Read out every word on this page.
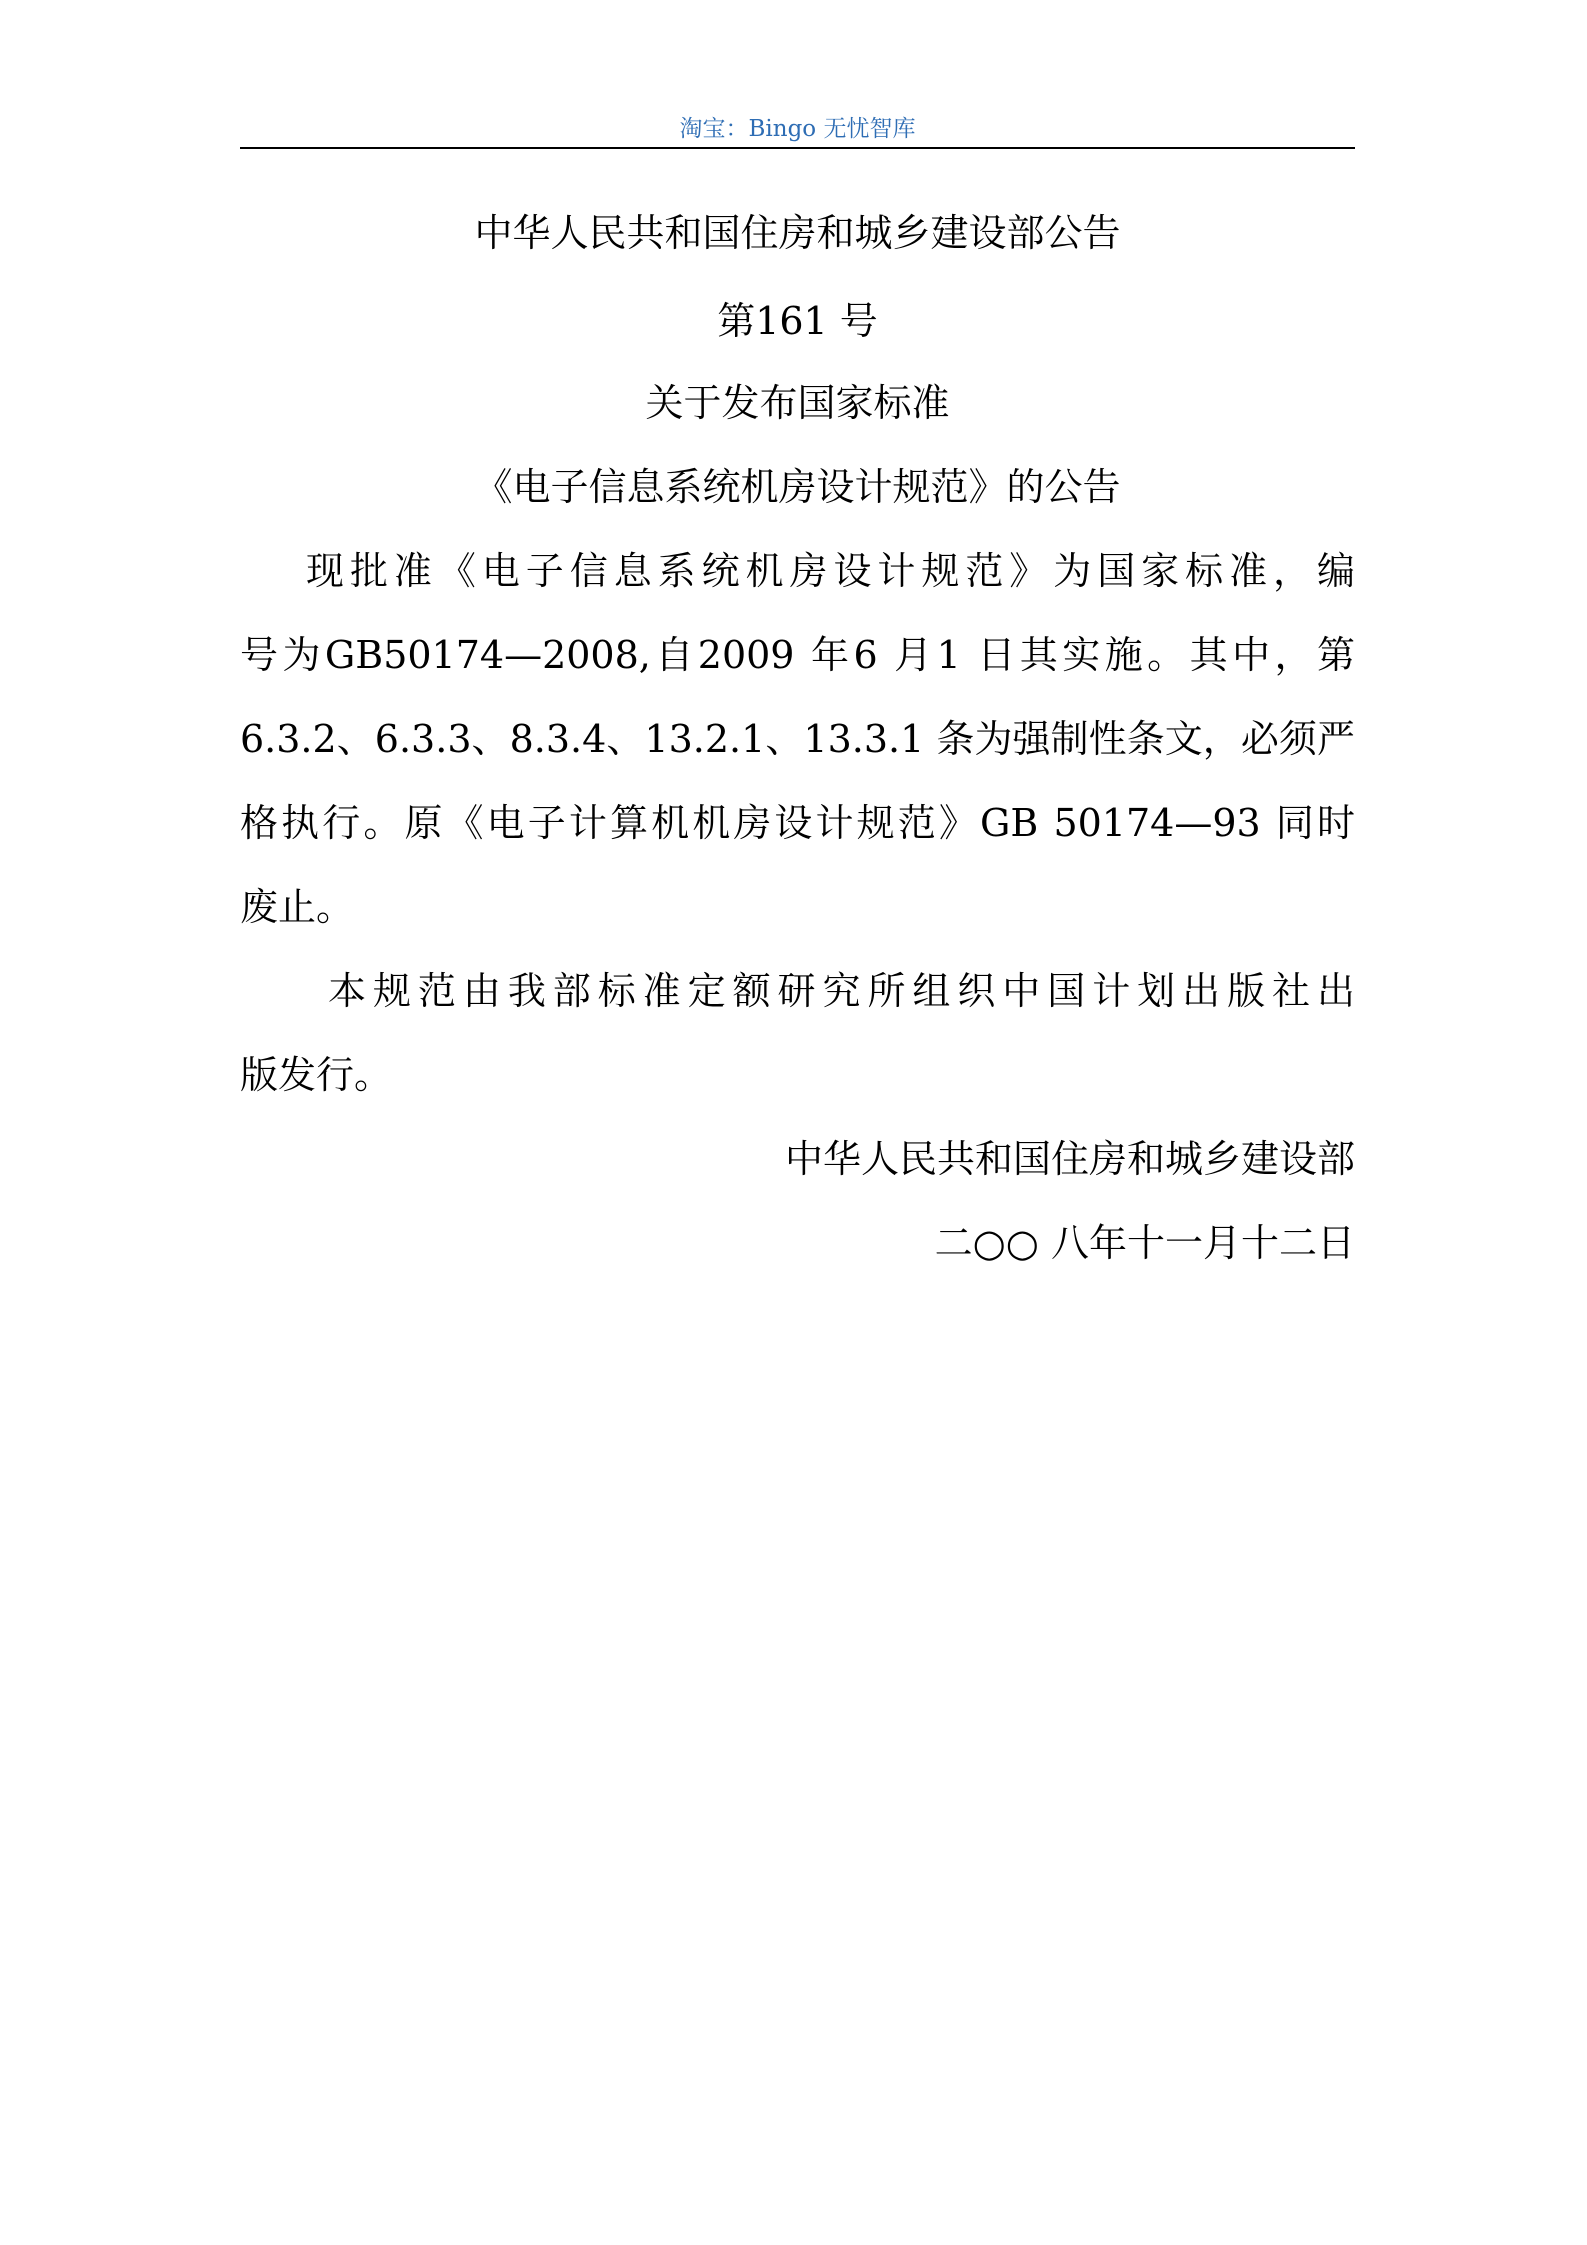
淘宝：Bingo 无忧智库
中华人民共和国住房和城乡建设部公告
第161 号
关于发布国家标准
《电子信息系统机房设计规范》的公告
现批准《电子信息系统机房设计规范》为国家标准，编
号为GB50174—2008,自2009 年6 月1 日其实施。其中，第
6.3.2、6.3.3、8.3.4、13.2.1、13.3.1 条为强制性条文，必须严
格执行。原《电子计算机机房设计规范》GB 50174—93 同时
废止。
本规范由我部标准定额研究所组织中国计划出版社出
版发行。
中华人民共和国住房和城乡建设部
二○○ 八年十一月十二日
